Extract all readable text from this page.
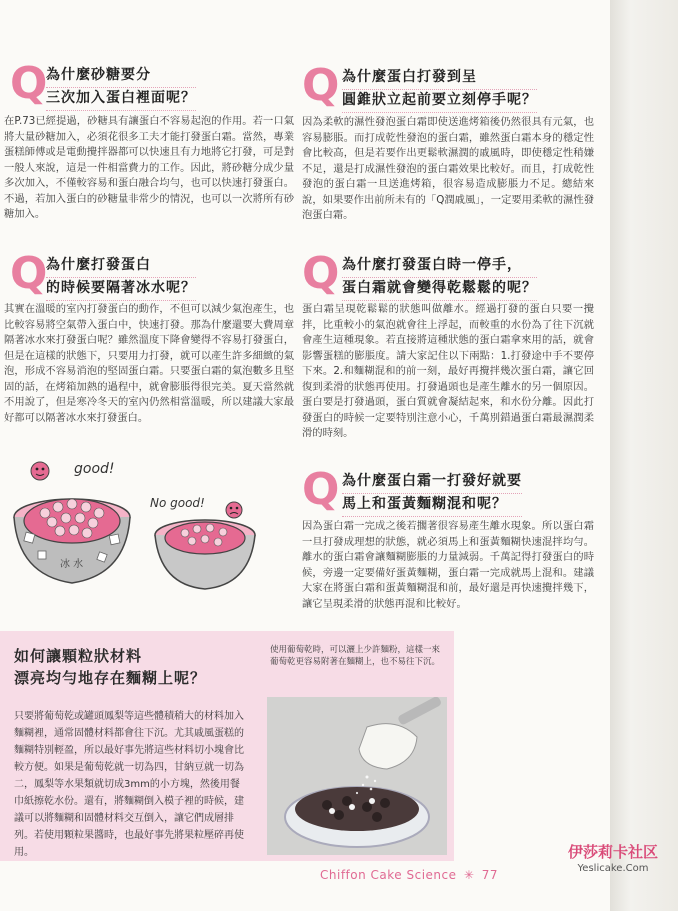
Q
為什麼砂糖要分
三次加入蛋白裡面呢？
在P.73已經提過，砂糖具有讓蛋白不容易起泡的作用。若一口氣將大量砂糖加入，必須花很多工夫才能打發蛋白霜。當然，專業蛋糕師傅或是電動攪拌器都可以快速且有力地將它打發，可是對一般人來說，這是一件相當費力的工作。因此，將砂糖分成少量多次加入，不僅較容易和蛋白融合均勻，也可以快速打發蛋白。不過，若加入蛋白的砂糖量非常少的情況，也可以一次將所有砂糖加入。
Q
為什麼打發蛋白
的時候要隔著冰水呢？
其實在溫暖的室內打發蛋白的動作，不但可以減少氣泡產生，也比較容易將空氣帶入蛋白中，快速打發。那為什麼還要大費周章隔著冰水來打發蛋白呢？雖然溫度下降會變得不容易打發蛋白，但是在這樣的狀態下，只要用力打發，就可以產生許多細緻的氣泡，形成不容易消泡的堅固蛋白霜。只要蛋白霜的氣泡數多且堅固的話，在烤箱加熱的過程中，就會膨脹得很完美。夏天當然就不用說了，但是寒冷冬天的室內仍然相當溫暖，所以建議大家最好都可以隔著冰水來打發蛋白。
冰 水
good!
No good!
Q 為什麼蛋白打發到呈
圓錐狀立起前要立刻停手呢？
因為柔軟的濕性發泡蛋白霜即使送進烤箱後仍然很具有元氣，也容易膨脹。而打成乾性發泡的蛋白霜，雖然蛋白霜本身的穩定性會比較高，但是若要作出更鬆軟濕潤的戚風時，即使穩定性稍嫌不足，還是打成濕性發泡的蛋白霜效果比較好。而且，打成乾性發泡的蛋白霜一旦送進烤箱，很容易造成膨脹力不足。總結來說，如果要作出前所未有的「Q潤戚風」，一定要用柔軟的濕性發泡蛋白霜。
Q 為什麼打發蛋白時一停手，
蛋白霜就會變得乾鬆鬆的呢？
蛋白霜呈現乾鬆鬆的狀態叫做離水。經過打發的蛋白只要一攪拌，比重較小的氣泡就會往上浮起，而較重的水份為了往下沉就會產生這種現象。若直接將這種狀態的蛋白霜拿來用的話，就會影響蛋糕的膨脹度。請大家記住以下兩點：1.打發途中手不要停下來。2.和麵糊混和的前一刻，最好再攪拌幾次蛋白霜，讓它回復到柔滑的狀態再使用。打發過頭也是產生離水的另一個原因。蛋白要是打發過頭，蛋白質就會凝結起來，和水份分離。因此打發蛋白的時候一定要特別注意小心，千萬別錯過蛋白霜最濕潤柔滑的時刻。
Q 為什麼蛋白霜一打發好就要
馬上和蛋黃麵糊混和呢？
因為蛋白霜一完成之後若擱著很容易產生離水現象。所以蛋白霜一旦打發成理想的狀態，就必須馬上和蛋黃麵糊快速混拌均勻。離水的蛋白霜會讓麵糊膨脹的力量減弱。千萬記得打發蛋白的時候，旁邊一定要備好蛋黃麵糊，蛋白霜一完成就馬上混和。建議大家在將蛋白霜和蛋黃麵糊混和前，最好還是再快速攪拌幾下，讓它呈現柔滑的狀態再混和比較好。
如何讓顆粒狀材料
漂亮均勻地存在麵糊上呢？
只要將葡萄乾或罐頭鳳梨等這些體積稍大的材料加入麵糊裡，通常固體材料都會往下沉。尤其戚風蛋糕的麵糊特別輕盈，所以最好事先將這些材料切小塊會比較方便。如果是葡萄乾就一切為四，甘納豆就一切為二，鳳梨等水果類就切成3mm的小方塊，然後用餐巾紙擦乾水份。還有，將麵糊倒入模子裡的時候，建議可以將麵糊和固體材料交互倒入，讓它們成層排列。若使用顆粒果醬時，也最好事先將果粒壓碎再使用。
使用葡萄乾時，可以灑上少許麵粉，這樣一來葡萄乾更容易附著在麵糊上，也不易往下沉。
Chiffon Cake Science ✳ 77
伊莎莉卡社区
Yeslicake.Com
